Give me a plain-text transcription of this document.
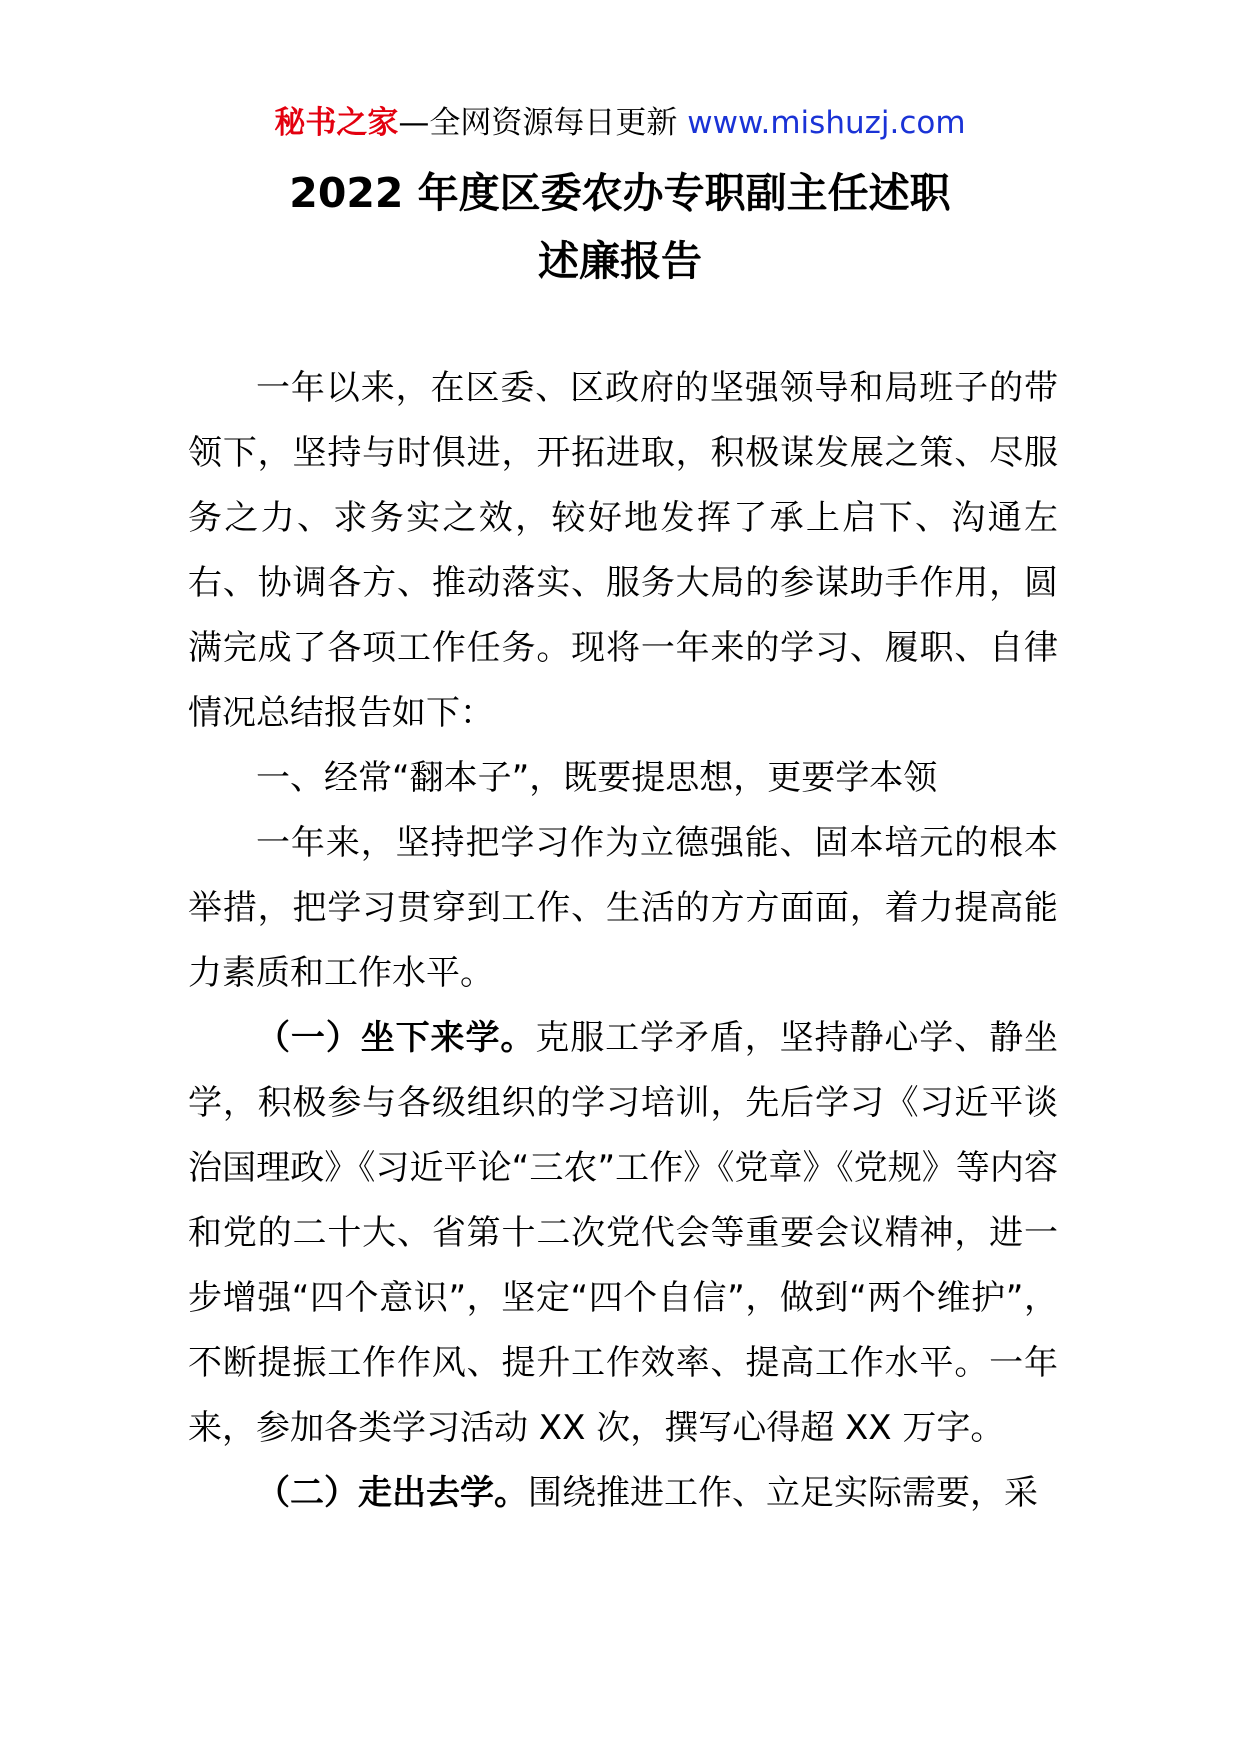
秘书之家—全网资源每日更新 www.mishuzj.com
2022 年度区委农办专职副主任述职
述廉报告

一年以来，在区委、区政府的坚强领导和局班子的带领下，坚持与时俱进，开拓进取，积极谋发展之策、尽服务之力、求务实之效，较好地发挥了承上启下、沟通左右、协调各方、推动落实、服务大局的参谋助手作用，圆满完成了各项工作任务。现将一年来的学习、履职、自律情况总结报告如下：

一、经常“翻本子”，既要提思想，更要学本领

一年来，坚持把学习作为立德强能、固本培元的根本举措，把学习贯穿到工作、生活的方方面面，着力提高能力素质和工作水平。

（一）坐下来学。克服工学矛盾，坚持静心学、静坐学，积极参与各级组织的学习培训，先后学习《习近平谈治国理政》《习近平论“三农”工作》《党章》《党规》等内容和党的二十大、省第十二次党代会等重要会议精神，进一步增强“四个意识”，坚定“四个自信”，做到“两个维护”，不断提振工作作风、提升工作效率、提高工作水平。一年来，参加各类学习活动 XX 次，撰写心得超 XX 万字。

（二）走出去学。围绕推进工作、立足实际需要，采
